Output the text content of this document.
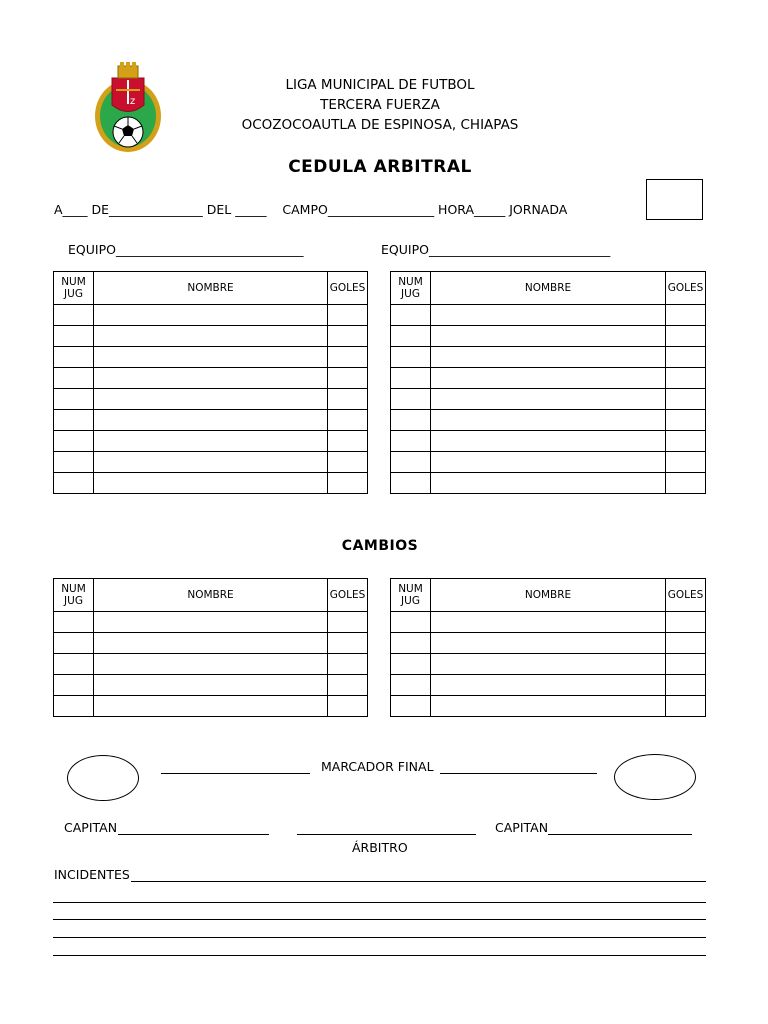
z
LIGA MUNICIPAL DE FUTBOL
TERCERA FUERZA
OCOZOCOAUTLA DE ESPINOSA, CHIAPAS
CEDULA ARBITRAL
A____ DE_______________ DEL _____    CAMPO_________________ HORA_____ JORNADA
EQUIPO______________________________	EQUIPO_____________________________
NUM JUG	NOMBRE	GOLES

			NUM JUG	NOMBRE	GOLES

CAMBIOS
NUM JUG	NOMBRE	GOLES

			NUM JUG	NOMBRE	GOLES

MARCADOR FINAL
CAPITAN
ÁRBITRO
CAPITAN
INCIDENTES
